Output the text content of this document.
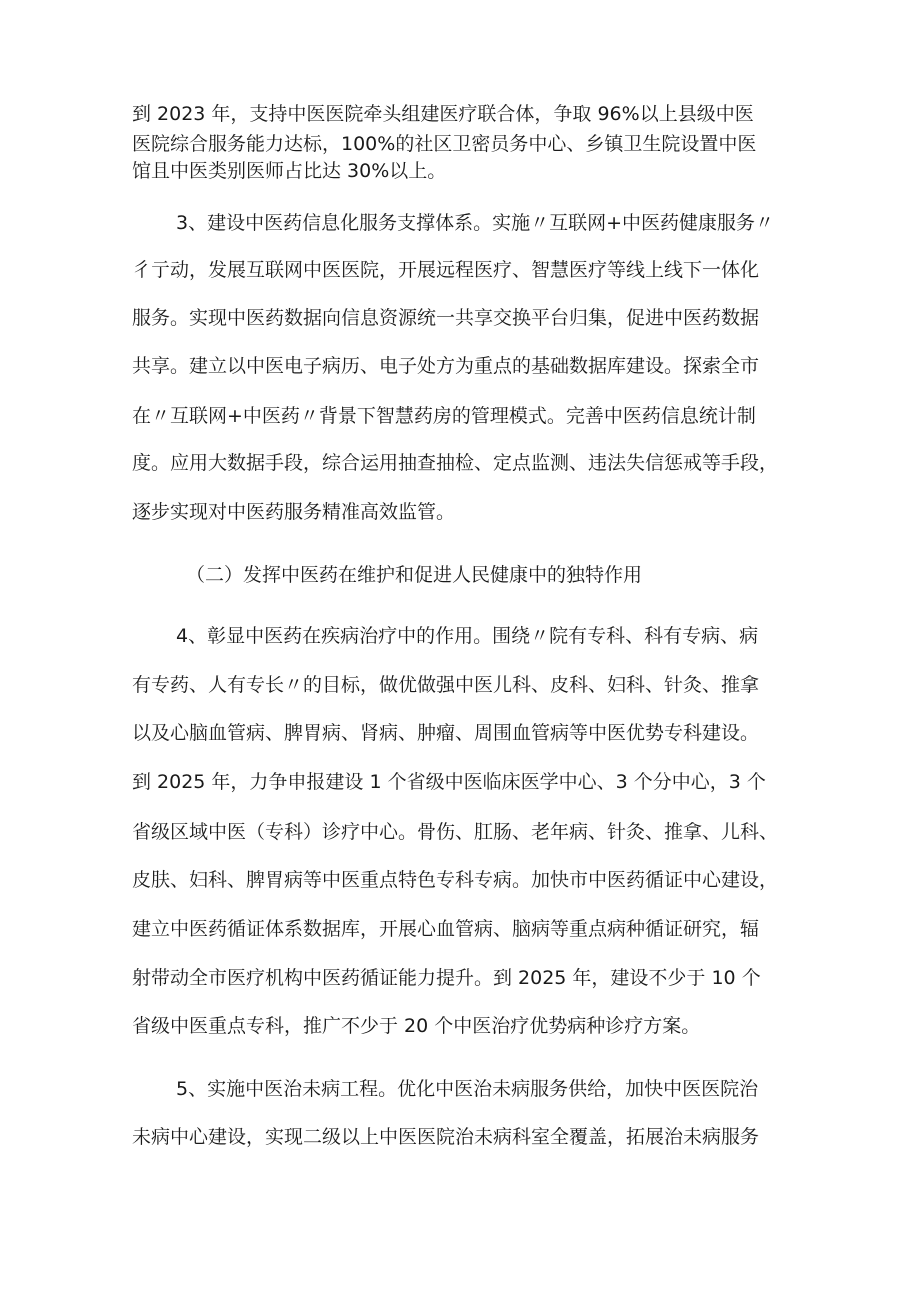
到 2023 年，支持中医医院牵头组建医疗联合体，争取 96%以上县级中医
医院综合服务能力达标，100%的社区卫密员务中心、乡镇卫生院设置中医
馆且中医类别医师占比达 30%以上。
3、建设中医药信息化服务支撑体系。实施〃互联网+中医药健康服务〃
彳亍动，发展互联网中医医院，开展远程医疗、智慧医疗等线上线下一体化
服务。实现中医药数据向信息资源统一共享交换平台归集，促进中医药数据
共享。建立以中医电子病历、电子处方为重点的基础数据库建设。探索全市
在〃互联网+中医药〃背景下智慧药房的管理模式。完善中医药信息统计制
度。应用大数据手段，综合运用抽查抽检、定点监测、违法失信惩戒等手段，
逐步实现对中医药服务精准高效监管。
（二）发挥中医药在维护和促进人民健康中的独特作用
4、彰显中医药在疾病治疗中的作用。围绕〃院有专科、科有专病、病
有专药、人有专长〃的目标，做优做强中医儿科、皮科、妇科、针灸、推拿
以及心脑血管病、脾胃病、肾病、肿瘤、周围血管病等中医优势专科建设。
到 2025 年，力争申报建设 1 个省级中医临床医学中心、3 个分中心，3 个
省级区域中医（专科）诊疗中心。骨伤、肛肠、老年病、针灸、推拿、儿科、
皮肤、妇科、脾胃病等中医重点特色专科专病。加快市中医药循证中心建设，
建立中医药循证体系数据库，开展心血管病、脑病等重点病种循证研究，辐
射带动全市医疗机构中医药循证能力提升。到 2025 年，建设不少于 10 个
省级中医重点专科，推广不少于 20 个中医治疗优势病种诊疗方案。
5、实施中医治未病工程。优化中医治未病服务供给，加快中医医院治
未病中心建设，实现二级以上中医医院治未病科室全覆盖，拓展治未病服务
